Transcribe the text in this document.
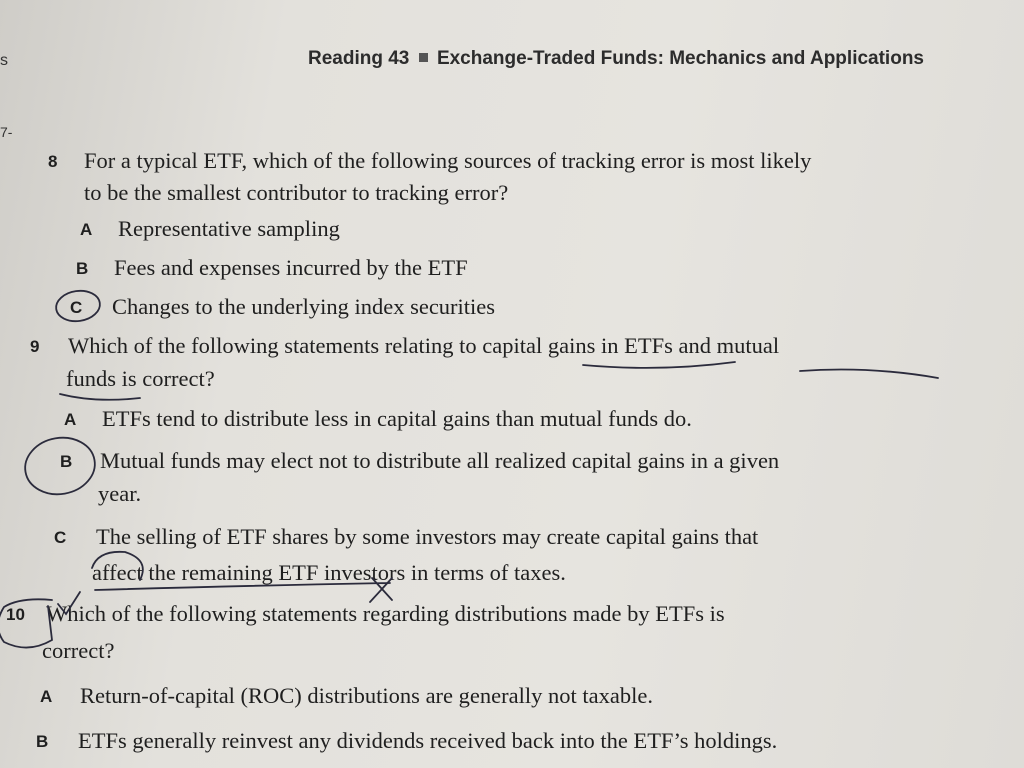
Reading 43 Exchange-Traded Funds: Mechanics and Applications
s
7-
8 For a typical ETF, which of the following sources of tracking error is most likely
to be the smallest contributor to tracking error?
A Representative sampling
B Fees and expenses incurred by the ETF
C Changes to the underlying index securities
9 Which of the following statements relating to capital gains in ETFs and mutual
funds is correct?
A ETFs tend to distribute less in capital gains than mutual funds do.
B Mutual funds may elect not to distribute all realized capital gains in a given
year.
C The selling of ETF shares by some investors may create capital gains that
affect the remaining ETF investors in terms of taxes.
10 Which of the following statements regarding distributions made by ETFs is
correct?
A Return-of-capital (ROC) distributions are generally not taxable.
B ETFs generally reinvest any dividends received back into the ETF’s holdings.
